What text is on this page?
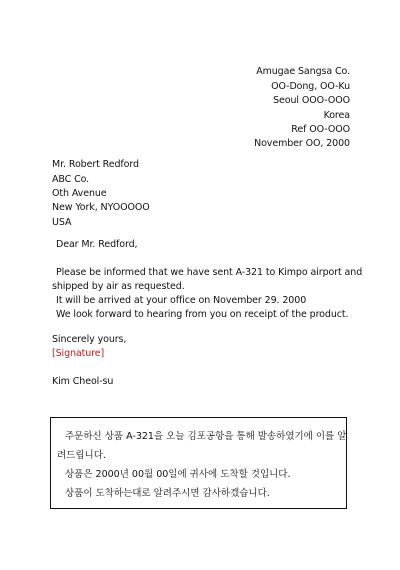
Amugae Sangsa Co.
OO-Dong, OO-Ku
Seoul OOO-OOO
Korea
Ref OO-OOO
November OO, 2000
Mr. Robert Redford
ABC Co.
Oth Avenue
New York, NYOOOOO
USA
Dear Mr. Redford,
Please be informed that we have sent A-321 to Kimpo airport and
shipped by air as requested.
It will be arrived at your office on November 29. 2000
We look forward to hearing from you on receipt of the product.
Sincerely yours,
[Signature]
Kim Cheol-su
주문하신 상품 A-321을 오늘 김포공항을 통해 발송하였기에 이를 알
려드립니다.
상품은 2000년 00월 00일에 귀사에 도착할 것입니다.
상품이 도착하는대로 알려주시면 감사하겠습니다.
